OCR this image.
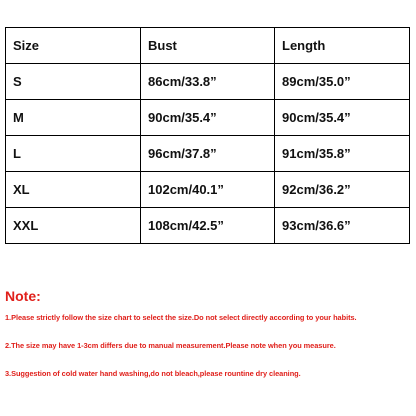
Size	Bust	Length
S	86cm/33.8”	89cm/35.0”
M	90cm/35.4”	90cm/35.4”
L	96cm/37.8”	91cm/35.8”
XL	102cm/40.1”	92cm/36.2”
XXL	108cm/42.5”	93cm/36.6”
Note:
1.Please strictly follow the size chart to select the size.Do not select directly according to your habits.
2.The size may have 1-3cm differs due to manual measurement.Please note when you measure.
3.Suggestion of cold water hand washing,do not bleach,please rountine dry cleaning.
